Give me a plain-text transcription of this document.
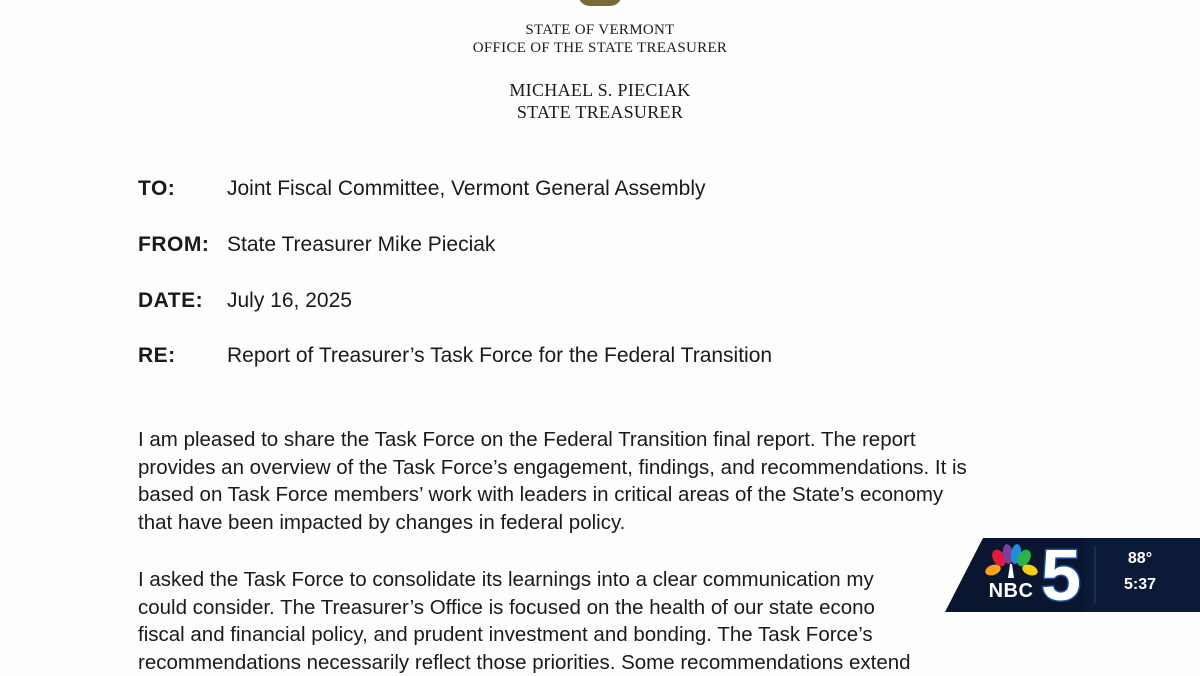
STATE OF VERMONT
OFFICE OF THE STATE TREASURER
MICHAEL S. PIECIAK
STATE TREASURER
TO: Joint Fiscal Committee, Vermont General Assembly
FROM: State Treasurer Mike Pieciak
DATE: July 16, 2025
RE: Report of Treasurer’s Task Force for the Federal Transition
I am pleased to share the Task Force on the Federal Transition final report. The report
provides an overview of the Task Force’s engagement, findings, and recommendations. It is
based on Task Force members’ work with leaders in critical areas of the State’s economy
that have been impacted by changes in federal policy.
I asked the Task Force to consolidate its learnings into a clear communication my
could consider. The Treasurer’s Office is focused on the health of our state econo
fiscal and financial policy, and prudent investment and bonding. The Task Force’s
recommendations necessarily reflect those priorities. Some recommendations extend
NBC 5	88°
5:37
